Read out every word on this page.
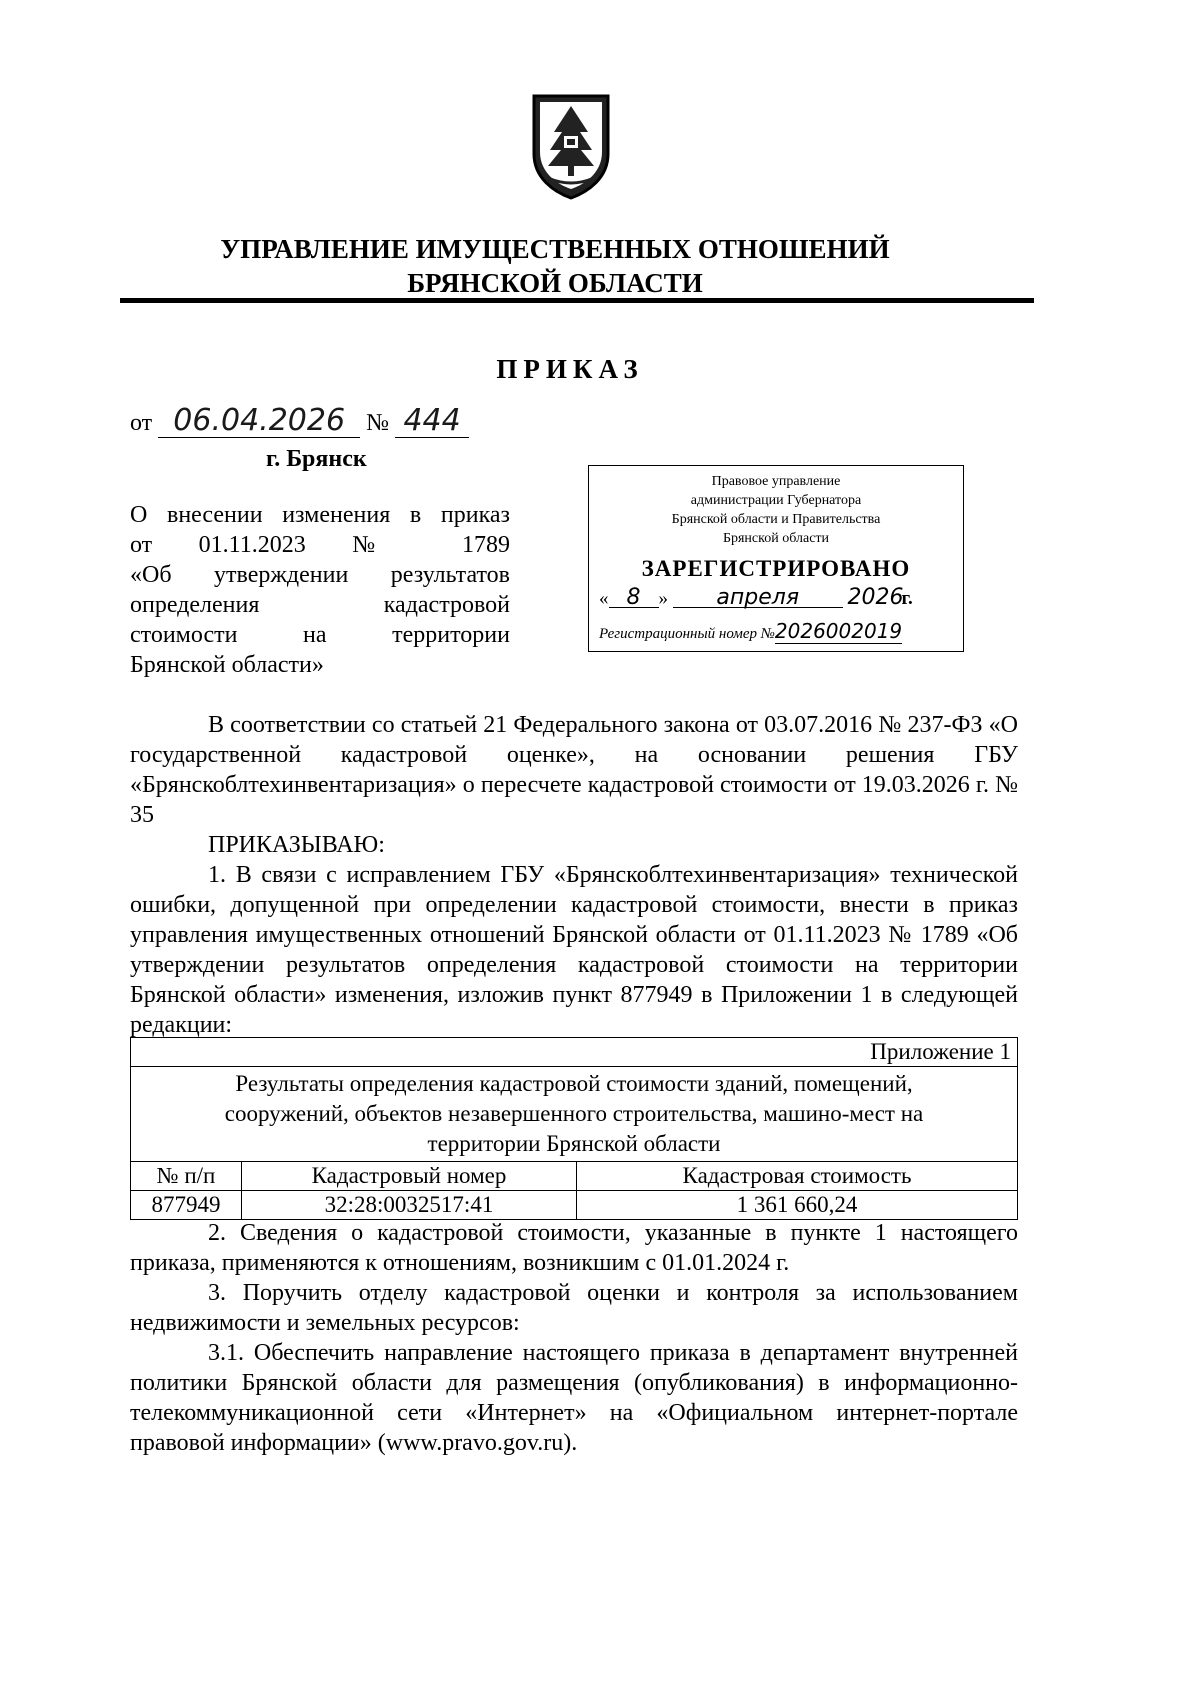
УПРАВЛЕНИЕ ИМУЩЕСТВЕННЫХ ОТНОШЕНИЙ
БРЯНСКОЙ ОБЛАСТИ
ПРИКАЗ
от 06.04.2026 № 444
г. Брянск
О внесении изменения в приказ
от 01.11.2023 № 1789
«Об утверждении результатов
определения кадастровой
стоимости на территории
Брянской области»
Правовое управление
администрации Губернатора
Брянской области и Правительства
Брянской области
ЗАРЕГИСТРИРОВАНО
« 8 » апреля 2026г.
Регистрационный номер №2026002019
В соответствии со статьей 21 Федерального закона от 03.07.2016 № 237-ФЗ «О государственной кадастровой оценке», на основании решения ГБУ «Брянскоблтехинвентаризация» о пересчете кадастровой стоимости от 19.03.2026 г. № 35
ПРИКАЗЫВАЮ:
1. В связи с исправлением ГБУ «Брянскоблтехинвентаризация» технической ошибки, допущенной при определении кадастровой стоимости, внести в приказ управления имущественных отношений Брянской области от 01.11.2023 № 1789 «Об утверждении результатов определения кадастровой стоимости на территории Брянской области» изменения, изложив пункт 877949 в Приложении 1 в следующей редакции:
Приложение 1		
Результаты определения кадастровой стоимости зданий, помещений, сооружений, объектов незавершенного строительства, машино-мест на территории Брянской области		
№ п/п	Кадастровый номер	Кадастровая стоимость
877949	32:28:0032517:41	1 361 660,24
2. Сведения о кадастровой стоимости, указанные в пункте 1 настоящего приказа, применяются к отношениям, возникшим с 01.01.2024 г.
3. Поручить отделу кадастровой оценки и контроля за использованием недвижимости и земельных ресурсов:
3.1. Обеспечить направление настоящего приказа в департамент внутренней политики Брянской области для размещения (опубликования) в информационно-телекоммуникационной сети «Интернет» на «Официальном интернет-портале правовой информации» (www.pravo.gov.ru).
